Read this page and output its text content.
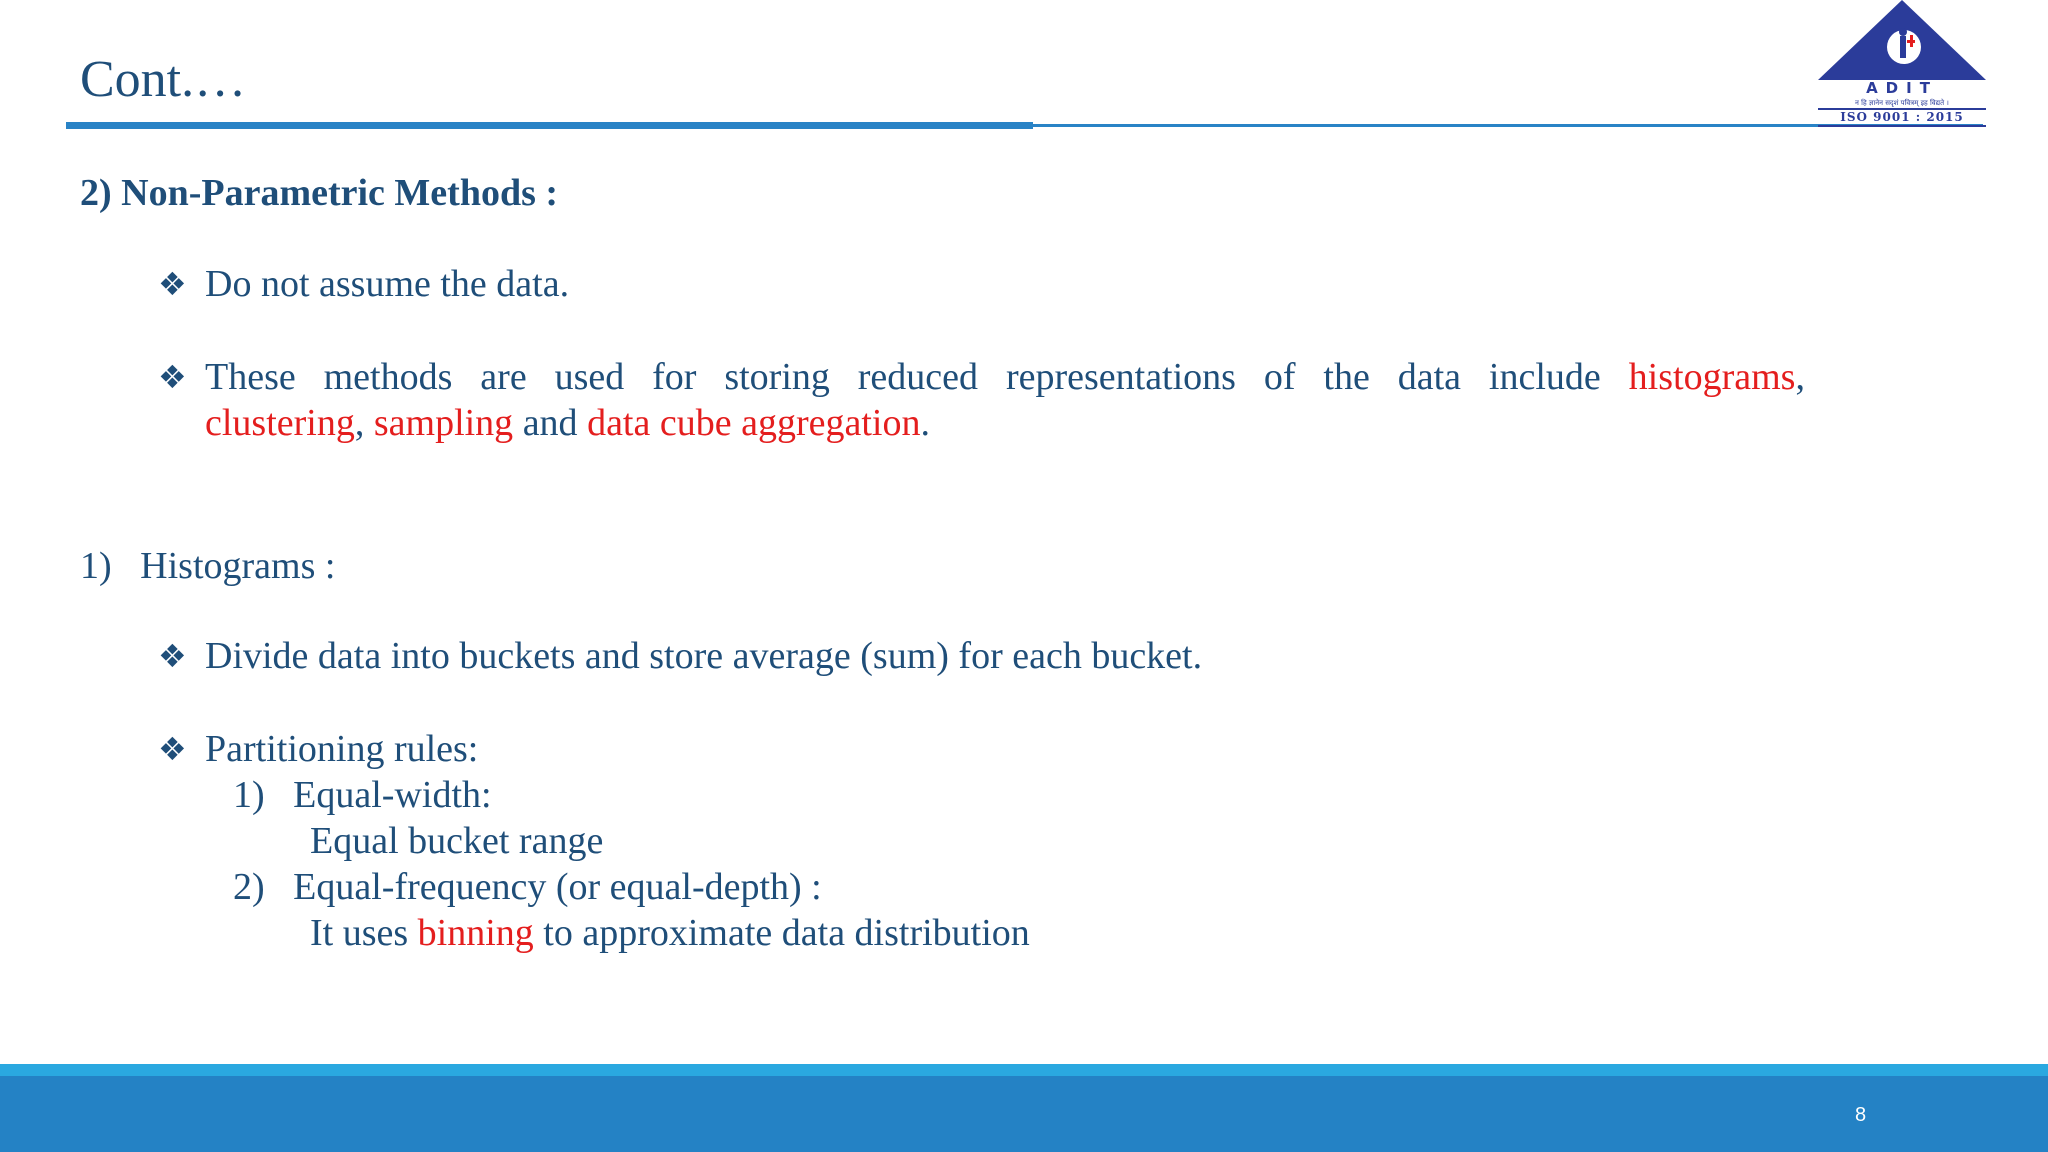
Cont.…	ADIT
न हि ज्ञानेन सदृशं पवित्रम् इह विद्यते ।
ISO 9001 : 2015
2) Non-Parametric Methods :
❖ Do not assume the data.
❖ These methods are used for storing reduced representations of the data include histograms,
clustering, sampling and data cube aggregation.
1)   Histograms :
❖ Divide data into buckets and store average (sum) for each bucket.
❖ Partitioning rules:
1)   Equal-width:
Equal bucket range
2)   Equal-frequency (or equal-depth) :
It uses binning to approximate data distribution
8
